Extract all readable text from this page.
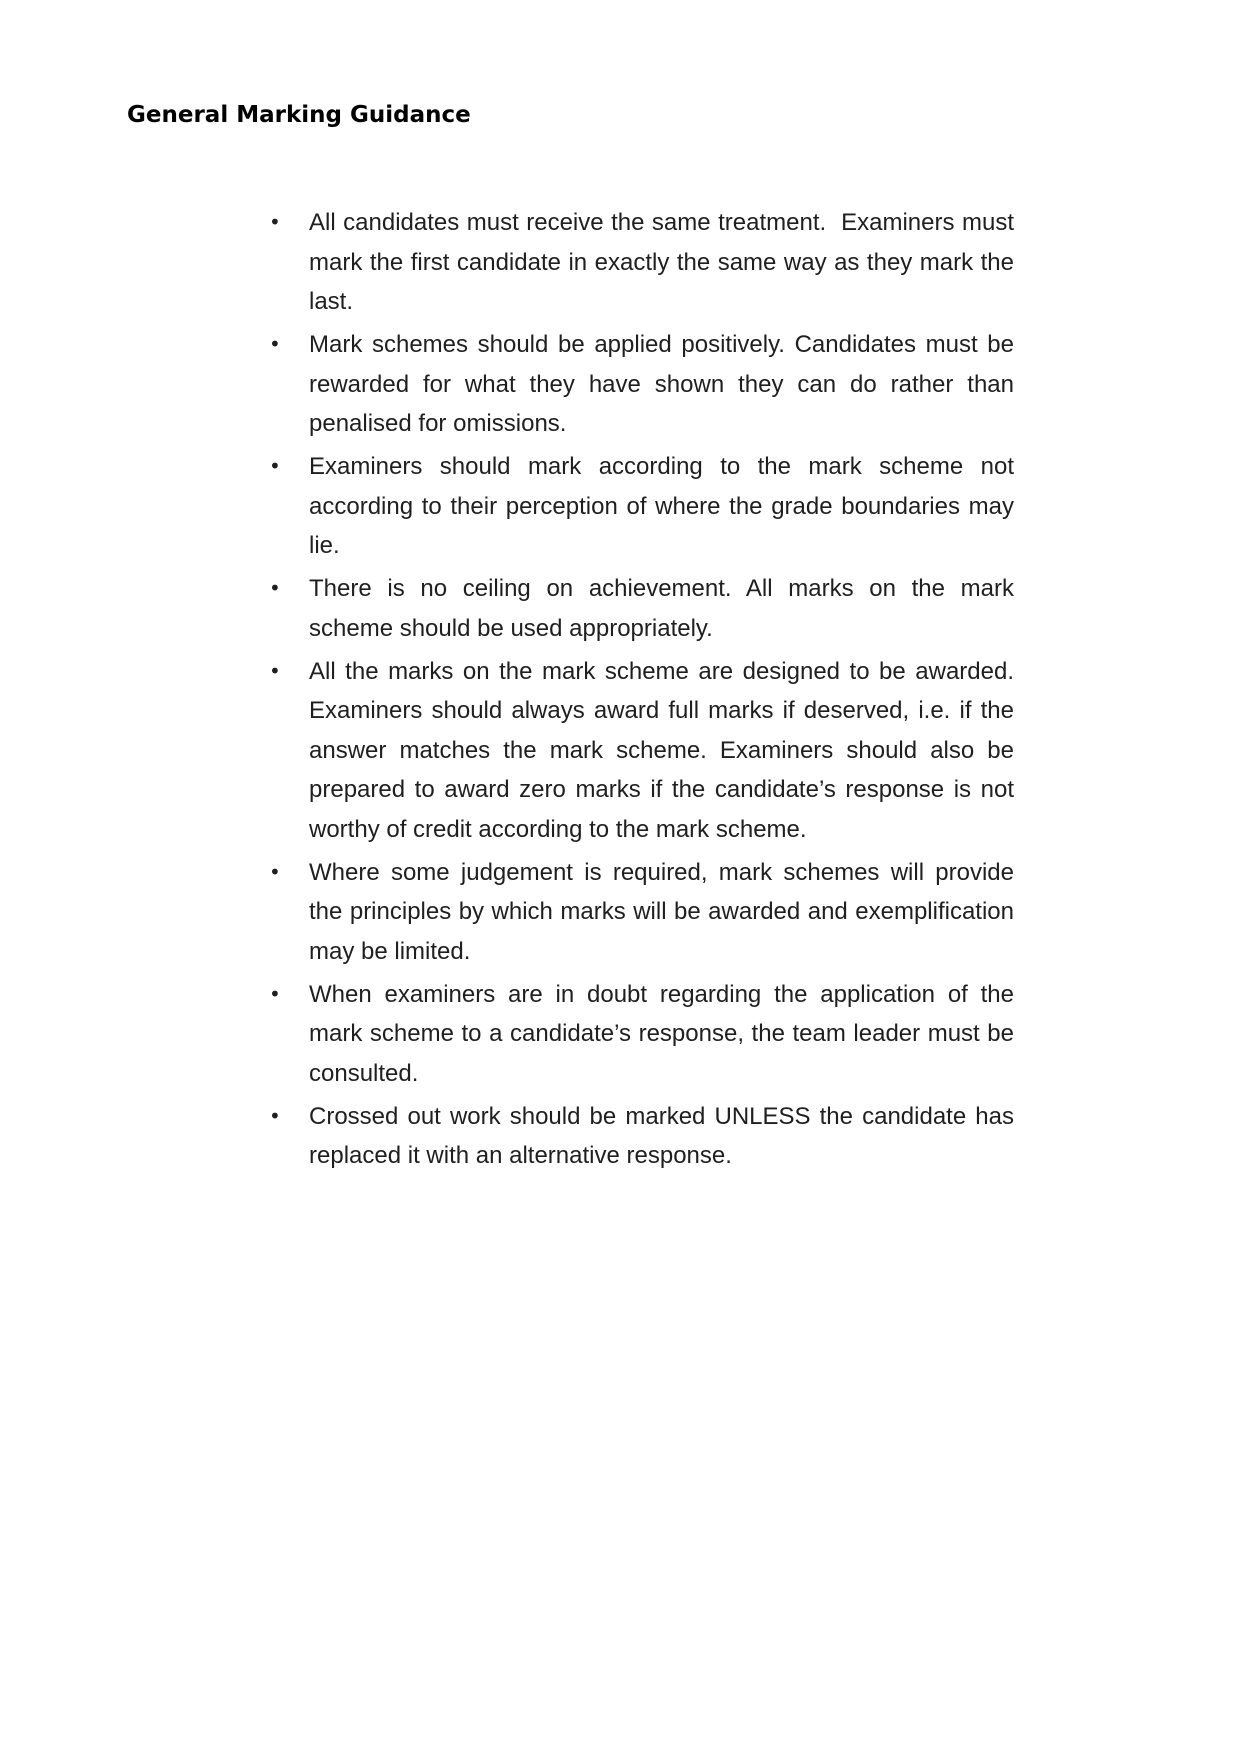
General Marking Guidance
• All candidates must receive the same treatment.  Examiners must mark the first candidate in exactly the same way as they mark the last.
• Mark schemes should be applied positively. Candidates must be rewarded for what they have shown they can do rather than penalised for omissions.
• Examiners should mark according to the mark scheme not according to their perception of where the grade boundaries may lie.
• There is no ceiling on achievement. All marks on the mark scheme should be used appropriately.
• All the marks on the mark scheme are designed to be awarded. Examiners should always award full marks if deserved, i.e. if the answer matches the mark scheme. Examiners should also be prepared to award zero marks if the candidate’s response is not worthy of credit according to the mark scheme.
• Where some judgement is required, mark schemes will provide the principles by which marks will be awarded and exemplification may be limited.
• When examiners are in doubt regarding the application of the mark scheme to a candidate’s response, the team leader must be consulted.
• Crossed out work should be marked UNLESS the candidate has replaced it with an alternative response.
